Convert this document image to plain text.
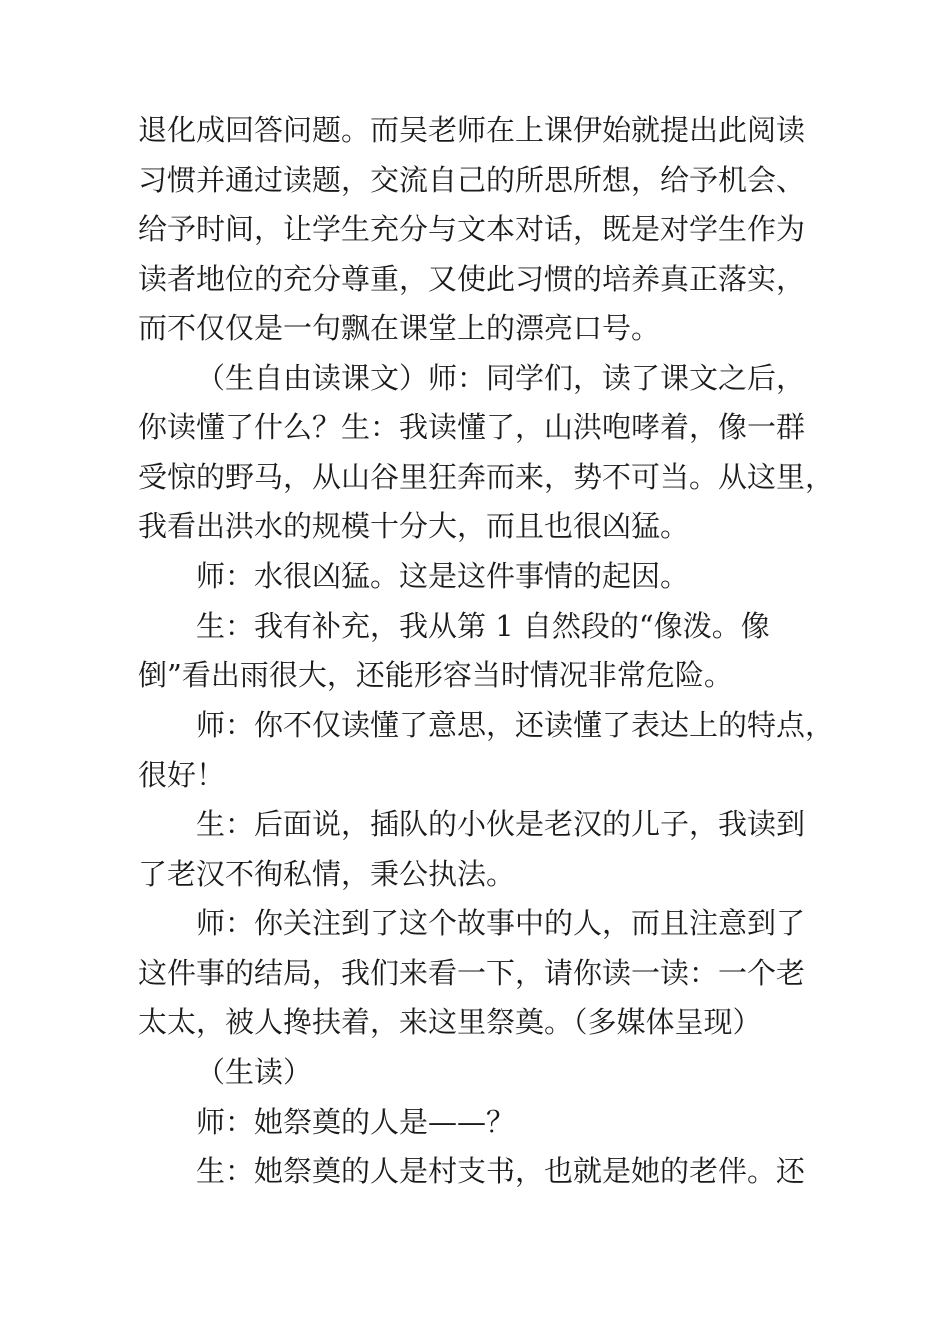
退化成回答问题。而吴老师在上课伊始就提出此阅读
习惯并通过读题，交流自己的所思所想，给予机会、
给予时间，让学生充分与文本对话，既是对学生作为
读者地位的充分尊重，又使此习惯的培养真正落实，
而不仅仅是一句飘在课堂上的漂亮口号。
（生自由读课文）师：同学们，读了课文之后，
你读懂了什么？生：我读懂了，山洪咆哮着，像一群
受惊的野马，从山谷里狂奔而来，势不可当。从这里，
我看出洪水的规模十分大，而且也很凶猛。
师：水很凶猛。这是这件事情的起因。
生：我有补充，我从第 1 自然段的“像泼。像
倒”看出雨很大，还能形容当时情况非常危险。
师：你不仅读懂了意思，还读懂了表达上的特点，
很好！
生：后面说，插队的小伙是老汉的儿子，我读到
了老汉不徇私情，秉公执法。
师：你关注到了这个故事中的人，而且注意到了
这件事的结局，我们来看一下，请你读一读：一个老
太太，被人搀扶着，来这里祭奠。（多媒体呈现）
（生读）
师：她祭奠的人是——？
生：她祭奠的人是村支书，也就是她的老伴。还
